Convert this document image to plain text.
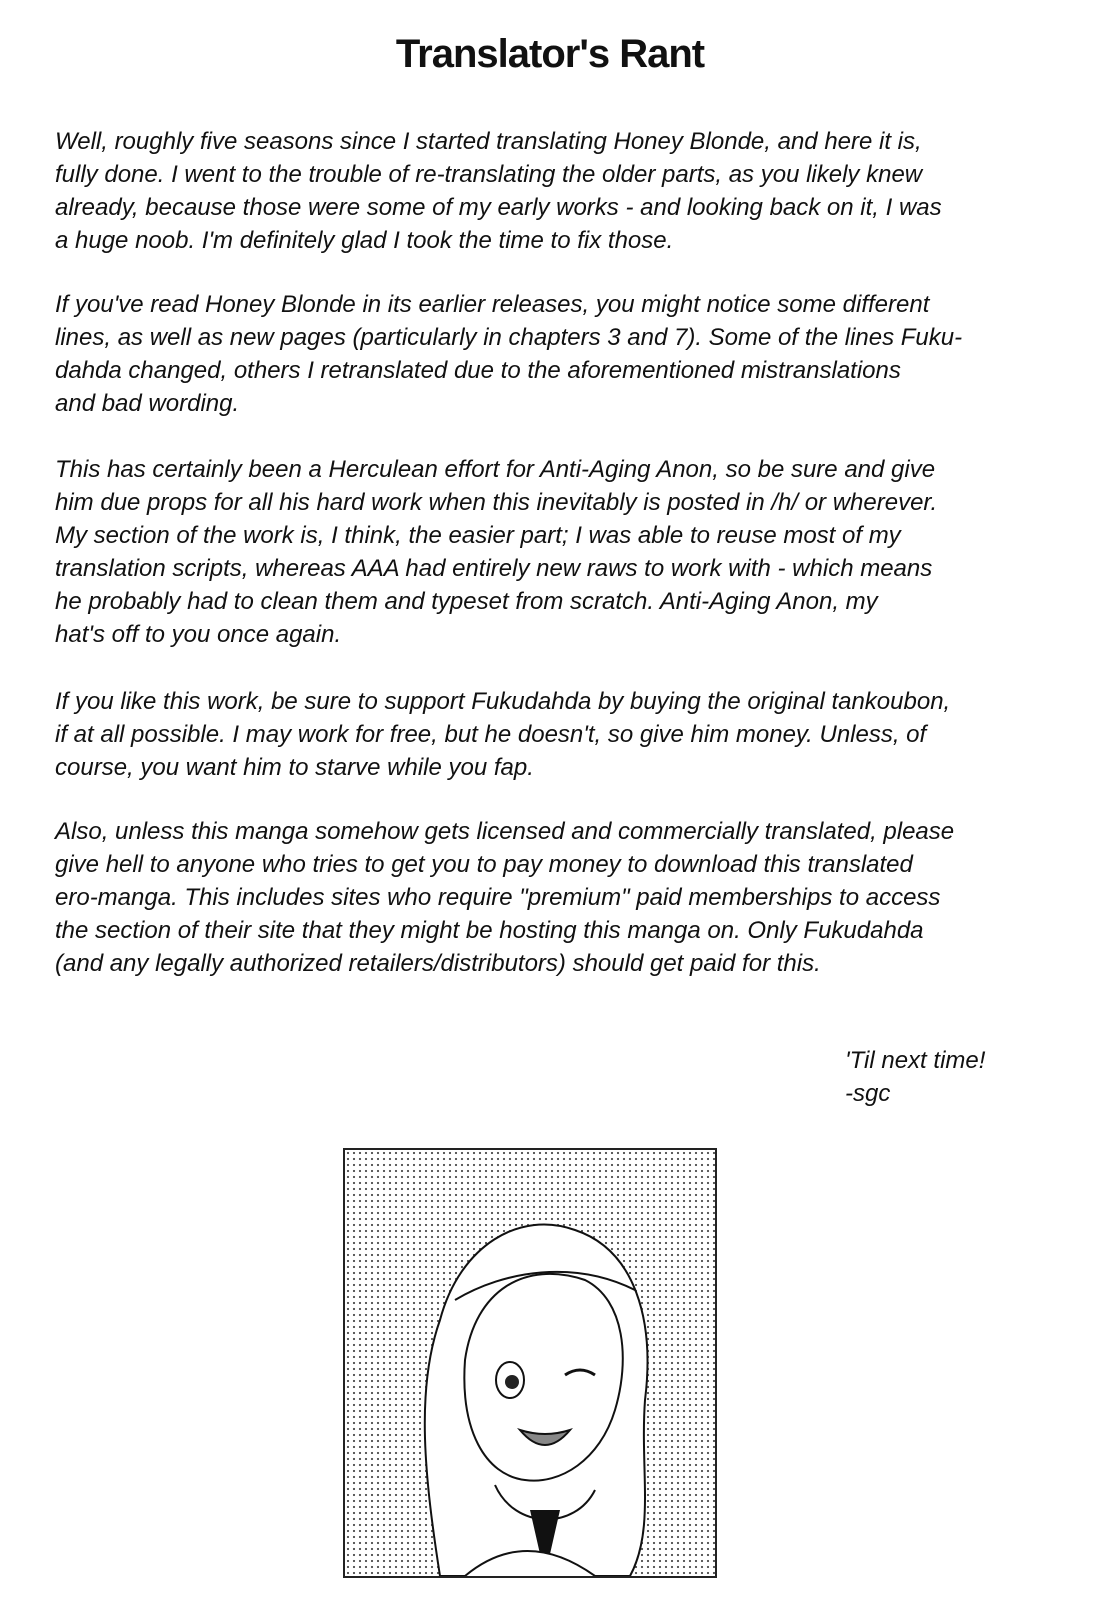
Translator's Rant
Well, roughly five seasons since I started translating Honey Blonde, and here it is,
fully done. I went to the trouble of re-translating the older parts, as you likely knew
already, because those were some of my early works - and looking back on it, I was
a huge noob. I'm definitely glad I took the time to fix those.
If you've read Honey Blonde in its earlier releases, you might notice some different
lines, as well as new pages (particularly in chapters 3 and 7). Some of the lines Fuku-
dahda changed, others I retranslated due to the aforementioned mistranslations
and bad wording.
This has certainly been a Herculean effort for Anti-Aging Anon, so be sure and give
him due props for all his hard work when this inevitably is posted in /h/ or wherever.
My section of the work is, I think, the easier part; I was able to reuse most of my
translation scripts, whereas AAA had entirely new raws to work with - which means
he probably had to clean them and typeset from scratch. Anti-Aging Anon, my
hat's off to you once again.
If you like this work, be sure to support Fukudahda by buying the original tankoubon,
if at all possible. I may work for free, but he doesn't, so give him money. Unless, of
course, you want him to starve while you fap.
Also, unless this manga somehow gets licensed and commercially translated, please
give hell to anyone who tries to get you to pay money to download this translated
ero-manga. This includes sites who require "premium" paid memberships to access
the section of their site that they might be hosting this manga on. Only Fukudahda
(and any legally authorized retailers/distributors) should get paid for this.
'Til next time!
-sgc
